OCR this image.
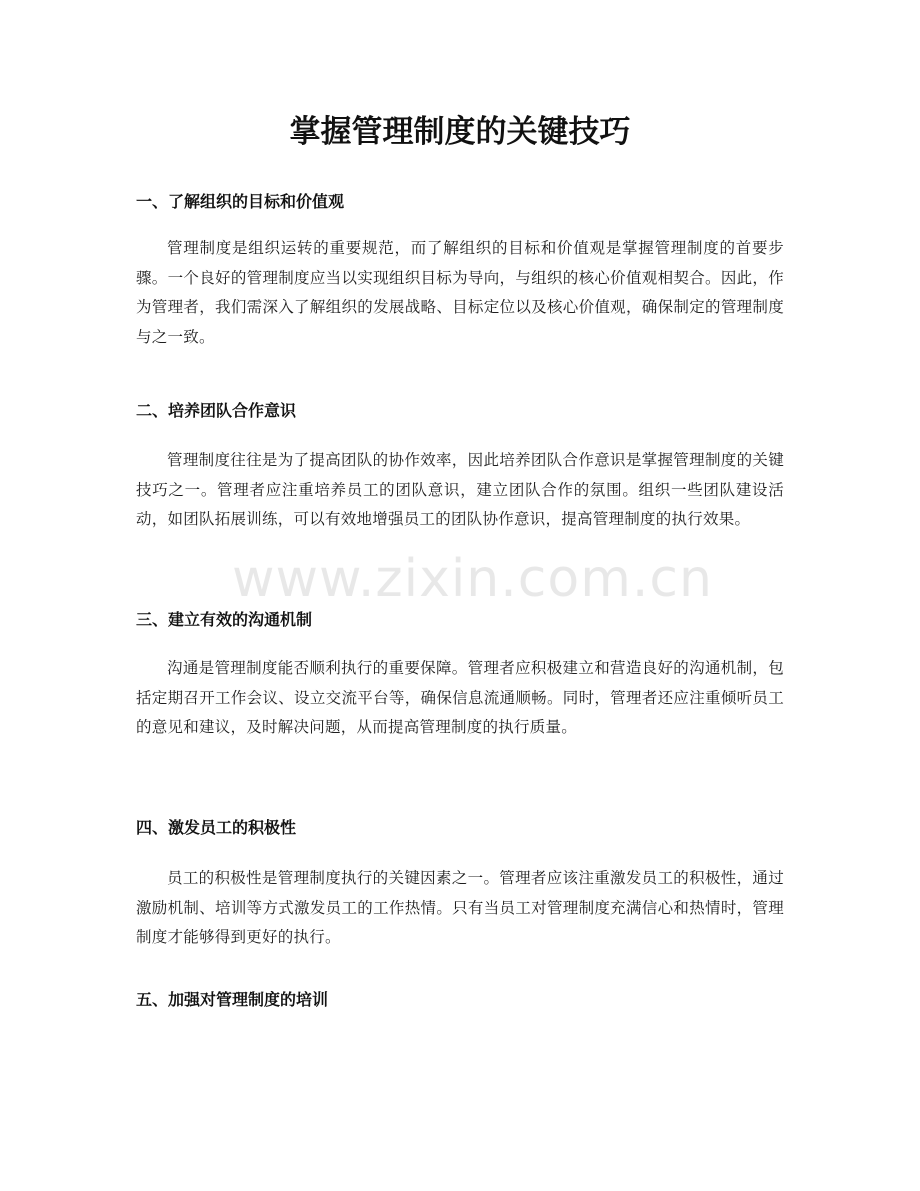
掌握管理制度的关键技巧
一、了解组织的目标和价值观

管理制度是组织运转的重要规范，而了解组织的目标和价值观是掌握管理制度的首要步骤。一个良好的管理制度应当以实现组织目标为导向，与组织的核心价值观相契合。因此，作为管理者，我们需深入了解组织的发展战略、目标定位以及核心价值观，确保制定的管理制度与之一致。

二、培养团队合作意识

管理制度往往是为了提高团队的协作效率，因此培养团队合作意识是掌握管理制度的关键技巧之一。管理者应注重培养员工的团队意识，建立团队合作的氛围。组织一些团队建设活动，如团队拓展训练，可以有效地增强员工的团队协作意识，提高管理制度的执行效果。

三、建立有效的沟通机制

沟通是管理制度能否顺利执行的重要保障。管理者应积极建立和营造良好的沟通机制，包括定期召开工作会议、设立交流平台等，确保信息流通顺畅。同时，管理者还应注重倾听员工的意见和建议，及时解决问题，从而提高管理制度的执行质量。

四、激发员工的积极性

员工的积极性是管理制度执行的关键因素之一。管理者应该注重激发员工的积极性，通过激励机制、培训等方式激发员工的工作热情。只有当员工对管理制度充满信心和热情时，管理制度才能够得到更好的执行。

五、加强对管理制度的培训
www.zixin.com.cn
